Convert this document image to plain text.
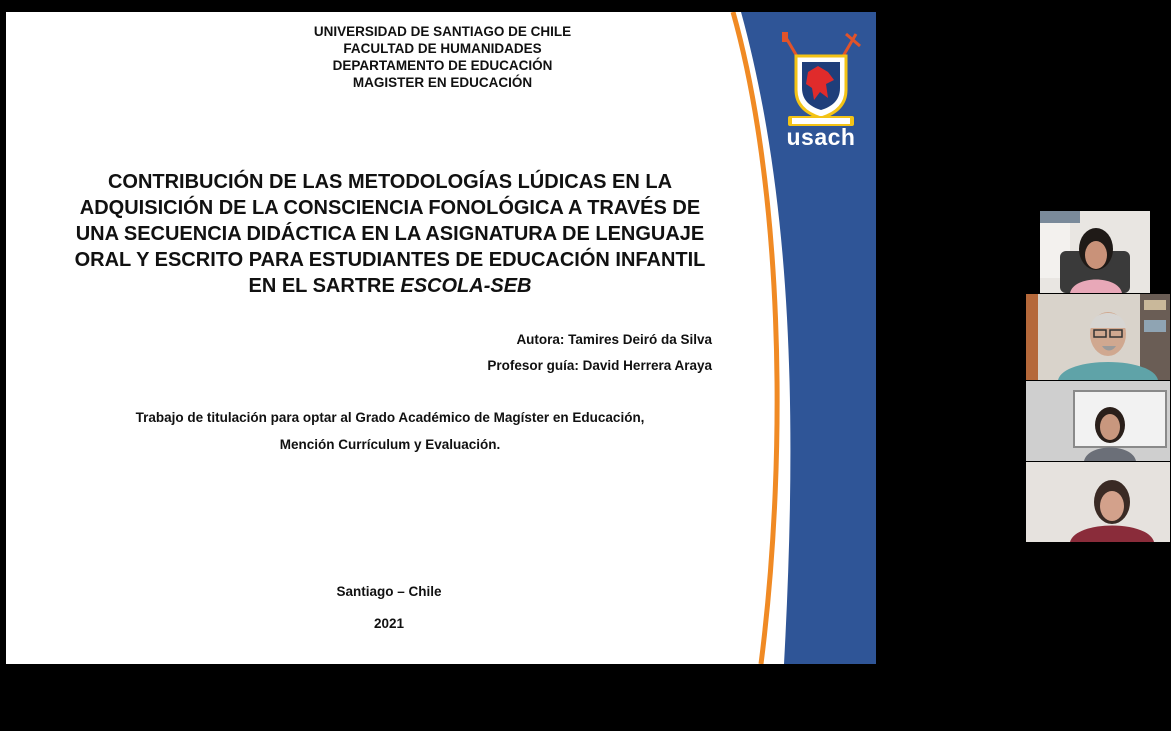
usach
UNIVERSIDAD DE SANTIAGO DE CHILE
FACULTAD DE HUMANIDADES
DEPARTAMENTO DE EDUCACIÓN
MAGISTER EN EDUCACIÓN

CONTRIBUCIÓN DE LAS METODOLOGÍAS LÚDICAS EN LA ADQUISICIÓN DE LA CONSCIENCIA FONOLÓGICA A TRAVÉS DE UNA SECUENCIA DIDÁCTICA EN LA ASIGNATURA DE LENGUAJE ORAL Y ESCRITO PARA ESTUDIANTES DE EDUCACIÓN INFANTIL EN EL SARTRE ESCOLA-SEB

Autora: Tamires Deiró da Silva
Profesor guía: David Herrera Araya
Trabajo de titulación para optar al Grado Académico de Magíster en Educación,
Mención Currículum y Evaluación.
Santiago – Chile
2021
